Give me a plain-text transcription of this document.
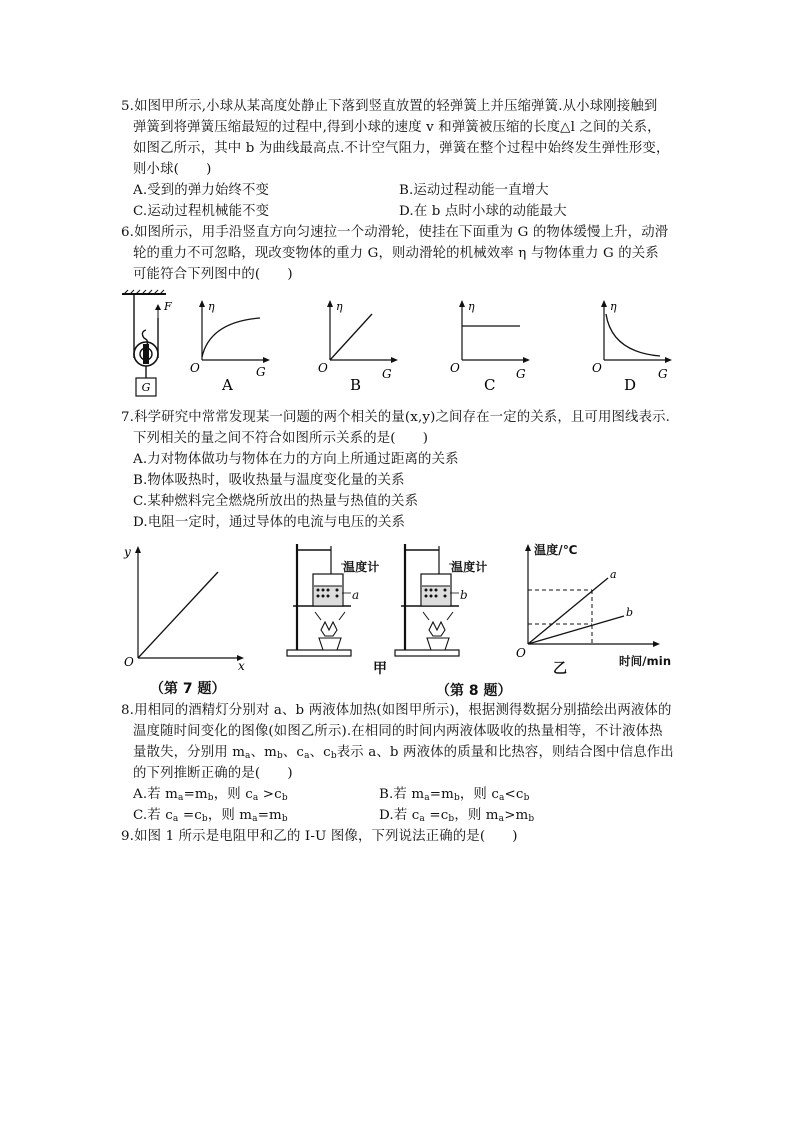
5.如图甲所示,小球从某高度处静止下落到竖直放置的轻弹簧上并压缩弹簧.从小球刚接触到
弹簧到将弹簧压缩最短的过程中,得到小球的速度 v 和弹簧被压缩的长度△l 之间的关系，
如图乙所示，其中 b 为曲线最高点.不计空气阻力，弹簧在整个过程中始终发生弹性形变，
则小球(　　)
A.受到的弹力始终不变	B.运动过程动能一直增大
C.运动过程机械能不变	D.在 b 点时小球的动能最大
6.如图所示，用手沿竖直方向匀速拉一个动滑轮，使挂在下面重为 G 的物体缓慢上升，动滑
轮的重力不可忽略，现改变物体的重力 G，则动滑轮的机械效率 η 与物体重力 G 的关系
可能符合下列图中的(　　)
G
F	η
O	G
A
η
O	G
B
η
O	G
C
η
O	G
D
7.科学研究中常常发现某一问题的两个相关的量(x,y)之间存在一定的关系，且可用图线表示.
下列相关的量之间不符合如图所示关系的是(　　)
A.力对物体做功与物体在力的方向上所通过距离的关系
B.物体吸热时，吸收热量与温度变化量的关系
C.某种燃料完全燃烧所放出的热量与热值的关系
D.电阻一定时，通过导体的电流与电压的关系
y
O	x
温度计
a
温度计
b
甲
a
b
O
温度/℃
时间/min
乙
（第 7 题）	（第 8 题）
8.用相同的酒精灯分别对 a、b 两液体加热(如图甲所示)，根据测得数据分别描绘出两液体的
温度随时间变化的图像(如图乙所示).在相同的时间内两液体吸收的热量相等，不计液体热
量散失，分别用 $m_a$、$m_b$、$c_a$、$c_b$表示 a、b 两液体的质量和比热容，则结合图中信息作出
的下列推断正确的是(　　)
A.若 $m_a=m_b$，则 $c_a >c_b$	B.若 $m_a=m_b$，则 $c_a<c_b$
C.若 $c_a =c_b$，则 $m_a=m_b$	D.若 $c_a =c_b$，则 $m_a>m_b$
9.如图 1 所示是电阻甲和乙的 I-U 图像，下列说法正确的是(　　)
